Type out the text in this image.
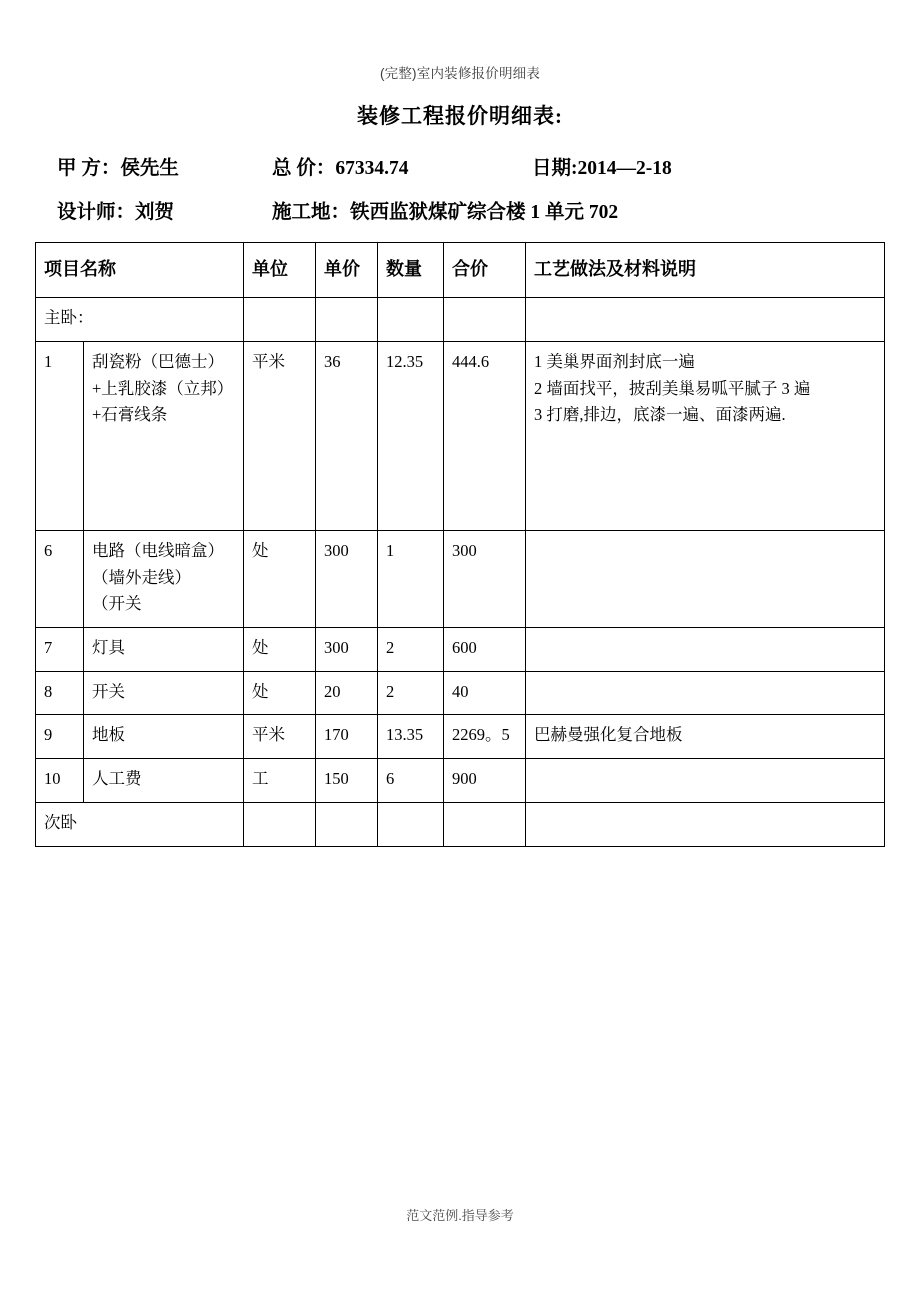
(完整)室内装修报价明细表
装修工程报价明细表:
甲 方：侯先生	总 价：67334.74	日期:2014—2-18
设计师：刘贺	施工地：铁西监狱煤矿综合楼 1 单元 702
项目名称		单位	单价	数量	合价	工艺做法及材料说明
主卧：						

1	刮瓷粉（巴德士）+上乳胶漆（立邦）+石膏线条	平米	36	12.35	444.6	1 美巢界面剂封底一遍
2 墙面找平，披刮美巢易呱平腻子 3 遍
3 打磨,排边，底漆一遍、面漆两遍.

6	电路（电线暗盒）
（墙外走线）
（开关	处	300	1	300	

7	灯具	处	300	2	600	

8	开关	处	20	2	40	

9	地板	平米	170	13.35	2269。5	巴赫曼强化复合地板

10	人工费	工	150	6	900	

次卧						
范文范例.指导参考
